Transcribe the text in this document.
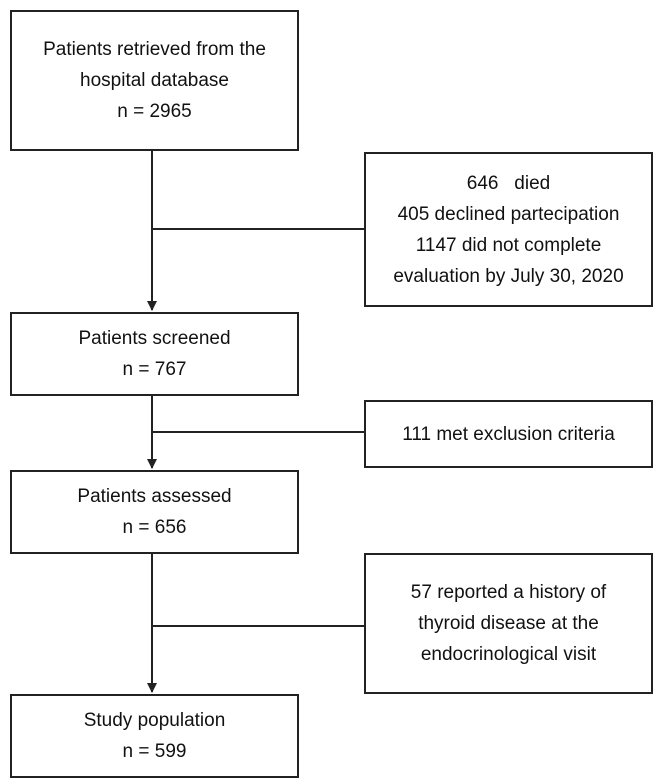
Patients retrieved from the
hospital database
n = 2965
646   died
405 declined partecipation
1147 did not complete
evaluation by July 30, 2020
Patients screened
n = 767
111 met exclusion criteria
Patients assessed
n = 656
57 reported a history of
thyroid disease at the
endocrinological visit
Study population
n = 599
